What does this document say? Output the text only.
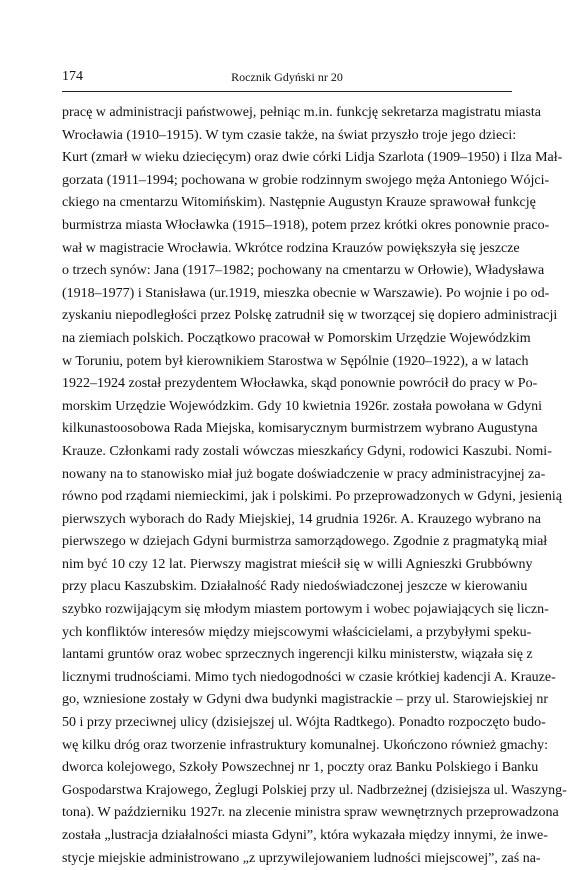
174	Rocznik Gdyński nr 20
pracę w administracji państwowej, pełniąc m.in. funkcję sekretarza magistratu miasta
Wrocławia (1910–1915). W tym czasie także, na świat przyszło troje jego dzieci:
Kurt (zmarł w wieku dziecięcym) oraz dwie córki Lidja Szarlota (1909–1950) i Ilza Mał-
gorzata (1911–1994; pochowana w grobie rodzinnym swojego męża Antoniego Wójci-
ckiego na cmentarzu Witomińskim). Następnie Augustyn Krauze sprawował funkcję
burmistrza miasta Włocławka (1915–1918), potem przez krótki okres ponownie praco-
wał w magistracie Wrocławia. Wkrótce rodzina Krauzów powiększyła się jeszcze
o trzech synów: Jana (1917–1982; pochowany na cmentarzu w Orłowie), Władysława
(1918–1977) i Stanisława (ur.1919, mieszka obecnie w Warszawie). Po wojnie i po od-
zyskaniu niepodległości przez Polskę zatrudnił się w tworzącej się dopiero administracji
na ziemiach polskich. Początkowo pracował w Pomorskim Urzędzie Wojewódzkim
w Toruniu, potem był kierownikiem Starostwa w Sępólnie (1920–1922), a w latach
1922–1924 został prezydentem Włocławka, skąd ponownie powrócił do pracy w Po-
morskim Urzędzie Wojewódzkim. Gdy 10 kwietnia 1926r. została powołana w Gdyni
kilkunastoosobowa Rada Miejska, komisarycznym burmistrzem wybrano Augustyna
Krauze. Członkami rady zostali wówczas mieszkańcy Gdyni, rodowici Kaszubi. Nomi-
nowany na to stanowisko miał już bogate doświadczenie w pracy administracyjnej za-
równo pod rządami niemieckimi, jak i polskimi. Po przeprowadzonych w Gdyni, jesienią
pierwszych wyborach do Rady Miejskiej, 14 grudnia 1926r. A. Krauzego wybrano na
pierwszego w dziejach Gdyni burmistrza samorządowego. Zgodnie z pragmatyką miał
nim być 10 czy 12 lat. Pierwszy magistrat mieścił się w willi Agnieszki Grubbówny
przy placu Kaszubskim. Działalność Rady niedoświadczonej jeszcze w kierowaniu
szybko rozwijającym się młodym miastem portowym i wobec pojawiających się liczn-
ych konfliktów interesów między miejscowymi właścicielami, a przybyłymi speku-
lantami gruntów oraz wobec sprzecznych ingerencji kilku ministerstw, wiązała się z
licznymi trudnościami. Mimo tych niedogodności w czasie krótkiej kadencji A. Krauze-
go, wzniesione zostały w Gdyni dwa budynki magistrackie – przy ul. Starowiejskiej nr
50 i przy przeciwnej ulicy (dzisiejszej ul. Wójta Radtkego). Ponadto rozpoczęto budo-
wę kilku dróg oraz tworzenie infrastruktury komunalnej. Ukończono również gmachy:
dworca kolejowego, Szkoły Powszechnej nr 1, poczty oraz Banku Polskiego i Banku
Gospodarstwa Krajowego, Żeglugi Polskiej przy ul. Nadbrzeżnej (dzisiejsza ul. Waszyng-
tona). W październiku 1927r. na zlecenie ministra spraw wewnętrznych przeprowadzona
została „lustracja działalności miasta Gdyni”, która wykazała między innymi, że inwe-
stycje miejskie administrowano „z uprzywilejowaniem ludności miejscowej”, zaś na-
